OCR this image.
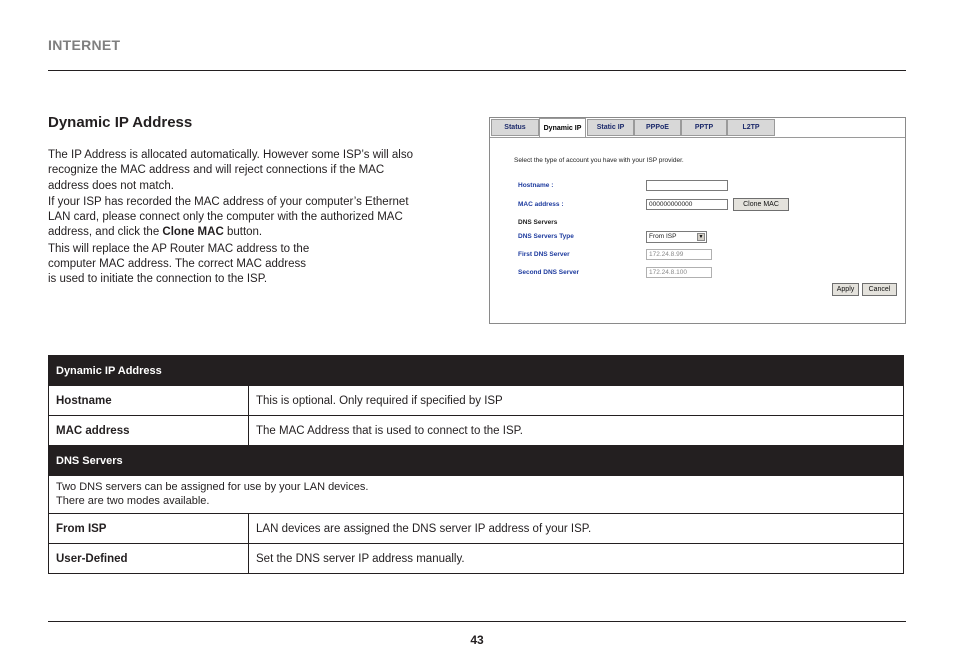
INTERNET
Dynamic IP Address

The IP Address is allocated automatically. However some ISP’s will also recognize the MAC address and will reject connections if the MAC address does not match.

If your ISP has recorded the MAC address of your computer’s Ethernet LAN card, please connect only the computer with the authorized MAC address, and click the Clone MAC button.

This will replace the AP Router MAC address to the
computer MAC address. The correct MAC address
is used to initiate the connection to the ISP.

Status	Dynamic IP	Static IP	PPPoE	PPTP	L2TP
Select the type of account you have with your ISP provider.
Hostname :
MAC address :	000000000000	Clone MAC
DNS Servers
DNS Servers Type	From ISP	▼
First DNS Server	172.24.8.99
Second DNS Server	172.24.8.100
Apply	Cancel
Dynamic IP Address	
Hostname	This is optional. Only required if specified by ISP
MAC address	The MAC Address that is used to connect to the ISP.
DNS Servers	
Two DNS servers can be assigned for use by your LAN devices.
There are two modes available.	
From ISP	LAN devices are assigned the DNS server IP address of your ISP.
User-Defined	Set the DNS server IP address manually.
43
